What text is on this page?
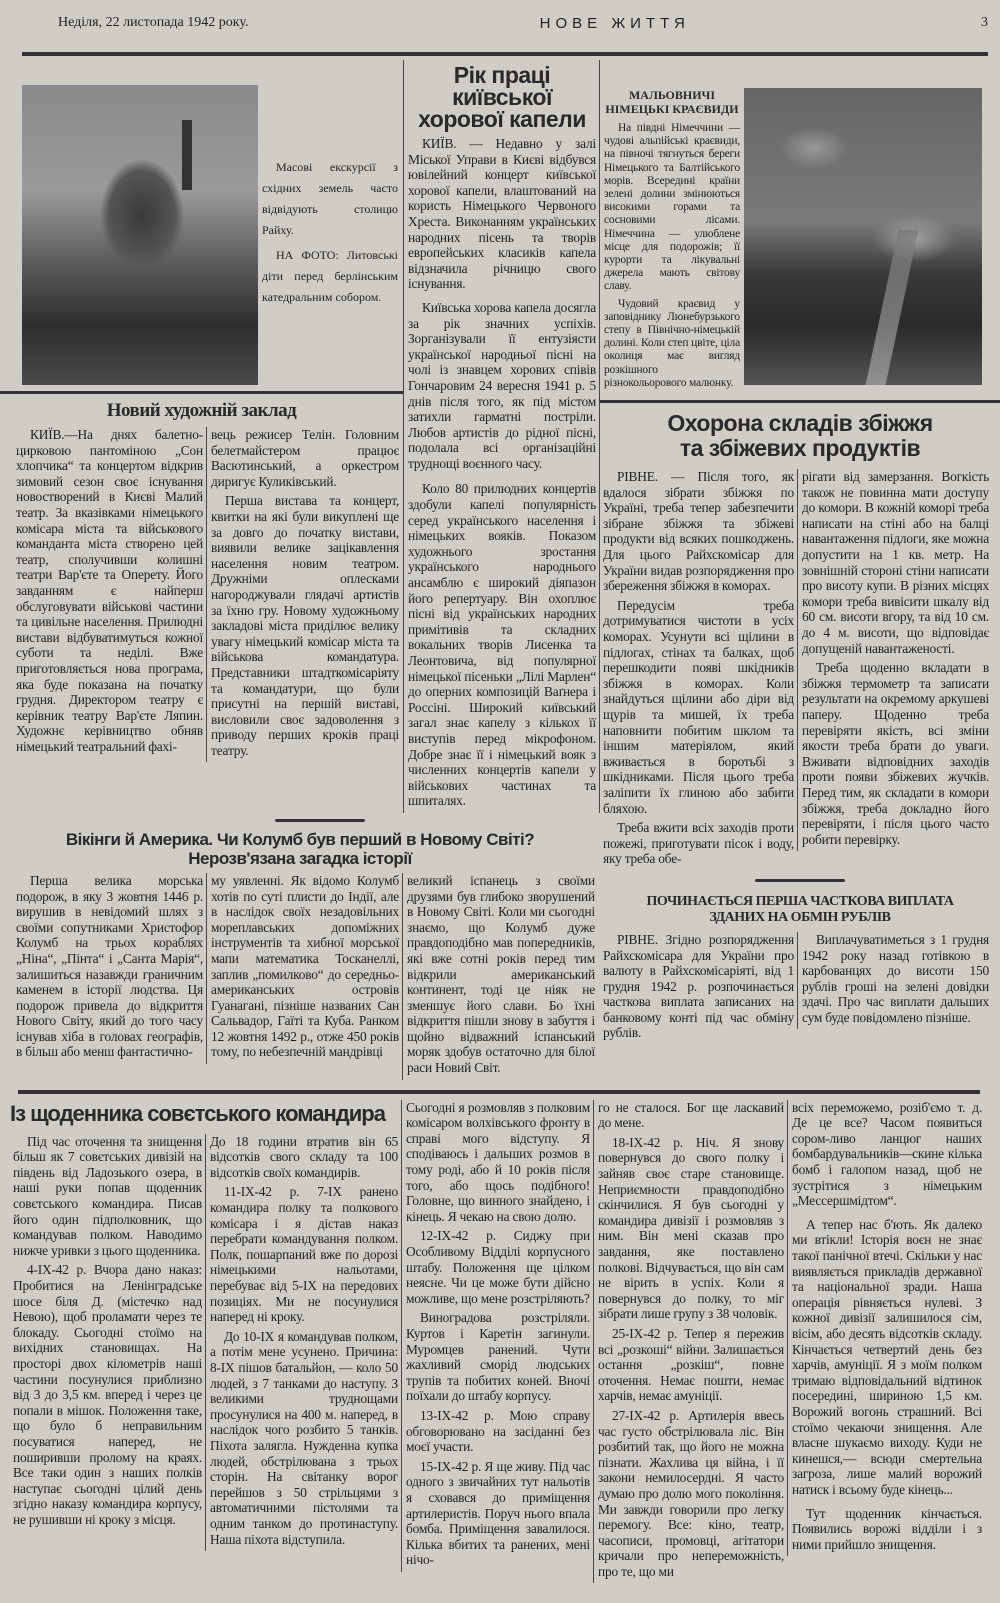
Неділя, 22 листопада 1942 року.	НОВЕ ЖИТТЯ	3

Масові екскурсії з східних земель часто відвідують столицю Райху.

НА ФОТО: Литовські діти перед берлінським катедральним собором.

Новий художній заклад

КИЇВ.—На днях балетно-цирковою пантоміною „Сон хлопчика“ та концертом відкрив зимовий сезон своє існування новостворений в Києві Малий театр. За вказівками німецького комісара міста та військового команданта міста створено цей театр, сполучивши колишні театри Вар'єте та Оперету. Його завданням є найперш обслуговувати військові частини та цивільне населення. Прилюдні вистави відбуватимуться кожної суботи та неділі. Вже приготовляється нова програма, яка буде показана на початку грудня. Директором театру є керівник театру Вар'єте Ляпин. Художнє керівництво обняв німецький театральний фахі-

вець режисер Телін. Головним белетмайстером працює Васютинський, а оркестром диригує Куликівський.

Перша вистава та концерт, квитки на які були викуплені ще за довго до початку вистави, виявили велике зацікавлення населення новим театром. Дружніми оплесками нагороджували глядачі артистів за їхню гру. Новому художньому закладові міста приділює велику увагу німецький комісар міста та військова командатура. Представники штадткомісаріяту та командатури, що були присутні на першій виставі, висловили своє задоволення з приводу перших кроків праці театру.

Рік праці київської хорової капели

КИЇВ. — Недавно у залі Міської Управи в Києві відбувся ювілейний концерт київської хорової капели, влаштований на користь Німецького Червоного Хреста. Виконанням українських народних пісень та творів европейських класиків капела відзначила річницю свого існування.

Київська хорова капела досягла за рік значних успіхів. Зорганізували її ентузіясти української народньої пісні на чолі із знавцем хорових співів Гончаровим 24 вересня 1941 р. 5 днів після того, як під містом затихли гарматні постріли. Любов артистів до рідної пісні, подолала всі організаційні труднощі воєнного часу.

Коло 80 прилюдних концертів здобули капелі популярність серед українського населення і німецьких вояків. Показом художнього зростання українського народнього ансамблю є широкий діяпазон його репертуару. Він охоплює пісні від українських народних примітивів та складних вокальних творів Лисенка та Леонтовича, від популярної німецької пісеньки „Лілі Марлен“ до оперних композицій Ваґнера і Россіні. Широкий київський загал знає капелу з кількох її виступів перед мікрофоном. Добре знає її і німецький вояк з численних концертів капели у військових частинах та шпиталях.

Вікінги й Америка. Чи Колумб був перший в Новому Світі?
Нерозв'язана загадка історії

Перша велика морська подорож, в яку 3 жовтня 1446 р. вирушив в невідомий шлях з своїми сопутниками Христофор Колумб на трьох кораблях „Ніна“, „Пінта“ і „Санта Марія“, залишиться назавжди граничним каменем в історії людства. Ця подорож привела до відкриття Нового Світу, який до того часу існував хіба в головах географів, в більш або менш фантастично-

му уявленні. Як відомо Колумб хотів по суті плисти до Індії, але в наслідок своїх незадовільних мореплавських допоміжних інструментів та хибної морської мапи математика Тосканеллі, заплив „помилково“ до середньо-американських островів Гуанагані, пізніше названих Сан Сальвадор, Гаїті та Куба. Ранком 12 жовтня 1492 р., отже 450 років тому, по небезпечній мандрівці

великий іспанець з своїми друзями був глибоко зворушений в Новому Світі. Коли ми сьогодні знаємо, що Колумб дуже правдоподібно мав попередників, які вже сотні років перед тим відкрили американський континент, тоді це ніяк не зменшує його слави. Бо їхні відкриття пішли знову в забуття і щойно відважний іспанський моряк здобув остаточно для білої раси Новий Світ.

МАЛЬОВНИЧІ НІМЕЦЬКІ КРАЄВИДИ

На півдні Німеччини — чудові альпійські краєвиди, на півночі тягнуться береги Німецького та Балтійського морів. Всередині країни зелені долини змінюються високими горами та сосновими лісами. Німеччина — улюблене місце для подорожів; її курорти та лікувальні джерела мають світову славу.

Чудовий краєвид у заповіднику Люнебурзького степу в Північно-німецькій долині. Коли степ цвіте, ціла околиця має вигляд розкішного різнокольорового малюнку.

Охорона складів збіжжя
та збіжевих продуктів

РІВНЕ. — Після того, як вдалося зібрати збіжжя по Україні, треба тепер забезпечити зібране збіжжя та збіжеві продукти від всяких пошкоджень. Для цього Райхскомісар для України видав розпорядження про збереження збіжжя в коморах.

Передусім треба дотримуватися чистоти в усіх коморах. Усунути всі щілини в підлогах, стінах та балках, щоб перешкодити появі шкідників збіжжя в коморах. Коли знайдуться щілини або діри від щурів та мишей, їх треба наповнити побитим шклом та іншим матеріялом, який вживається в боротьбі з шкідниками. Після цього треба заліпити їх глиною або забити бляхою.

Треба вжити всіх заходів проти пожежі, приготувати пісок і воду, яку треба обе-

рігати від замерзання. Вогкість також не повинна мати доступу до комори. В кожній коморі треба написати на стіні або на балці навантаження підлоги, яке можна допустити на 1 кв. метр. На зовнішній стороні стіни написати про висоту купи. В різних місцях комори треба вивісити шкалу від 60 см. висоти вгору, та від 10 см. до 4 м. висоти, що відповідає допущеній навантаженості.

Треба щоденно вкладати в збіжжя термометр та записати результати на окремому аркушеві паперу. Щоденно треба перевіряти якість, всі зміни якости треба брати до уваги. Вживати відповідних заходів проти появи збіжевих жучків. Перед тим, як складати в комори збіжжя, треба докладно його перевіряти, і після цього часто робити перевірку.

ПОЧИНАЄТЬСЯ ПЕРША ЧАСТКОВА ВИПЛАТА
ЗДАНИХ НА ОБМІН РУБЛІВ

РІВНЕ. Згідно розпорядження Райхскомісара для України про валюту в Райхскомісаріяті, від 1 грудня 1942 р. розпочинається часткова виплата записаних на банковому конті під час обміну рублів.

Виплачуватиметься з 1 грудня 1942 року назад готівкою в карбованцях до висоти 150 рублів гроші на зелені довідки здачі. Про час виплати дальших сум буде повідомлено пізніше.

Із щоденника совєтського командира

Під час оточення та знищення більш як 7 совєтських дивізій на південь від Ладозького озера, в наші руки попав щоденник совєтського командира. Писав його один підполковник, що командував полком. Наводимо нижче уривки з цього щоденника.

4-IX-42 р. Вчора дано наказ: Пробитися на Ленінградське шосе біля Д. (містечко над Невою), щоб проламати через те блокаду. Сьогодні стоїмо на вихідних становищах. На просторі двох кілометрів наші частини посунулися приблизно від 3 до 3,5 км. вперед і через це попали в мішок. Положення таке, що було б неправильним посуватися наперед, не поширивши пролому на краях. Все таки один з наших полків наступає сьогодні цілий день згідно наказу командира корпусу, не рушивши ні кроку з місця.

До 18 години втратив він 65 відсотків свого складу та 100 відсотків своїх командирів.

11-IX-42 р. 7-IX ранено командира полку та полкового комісара і я дістав наказ перебрати командування полком. Полк, пошарпаний вже по дорозі німецькими нальотами, перебуває від 5-IX на передових позиціях. Ми не посунулися наперед ні кроку.

До 10-IX я командував полком, а потім мене усунено. Причина: 8-IX пішов батальйон, — коло 50 людей, з 7 танками до наступу. З великими труднощами просунулися на 400 м. наперед, в наслідок чого розбито 5 танків. Піхота залягла. Нужденна купка людей, обстрілювана з трьох сторін. На світанку ворог перейшов з 50 стрільцями з автоматичними пістолями та одним танком до протинаступу. Наша піхота відступила.

Сьогодні я розмовляв з полковим комісаром волхівського фронту в справі мого відступу. Я сподіваюсь і дальших розмов в тому роді, або й 10 років після того, або щось подібного! Головне, що винного знайдено, і кінець. Я чекаю на свою долю.

12-IX-42 р. Сиджу при Особливому Відділі корпусного штабу. Положення ще цілком неясне. Чи це може бути дійсно можливе, що мене розстріляють?

Виноградова розстріляли. Куртов і Каретін загинули. Муромцев ранений. Чути жахливий сморід людських трупів та побитих коней. Вночі поїхали до штабу корпусу.

13-IX-42 р. Мою справу обговорювано на засіданні без моєї участи.

15-IX-42 р. Я ще живу. Під час одного з звичайних тут нальотів я сховався до приміщення артилеристів. Поруч нього впала бомба. Приміщення завалилося. Кілька вбитих та ранених, мені нічо-

го не сталося. Бог ще ласкавий до мене.

18-IX-42 р. Ніч. Я знову повернувся до свого полку і зайняв своє старе становище. Неприємности правдоподібно скінчилися. Я був сьогодні у командира дивізії і розмовляв з ним. Він мені сказав про завдання, яке поставлено полкові. Відчувається, що він сам не вірить в успіх. Коли я повернувся до полку, то міг зібрати лише групу з 38 чоловік.

25-IX-42 р. Тепер я пережив всі „розкоші“ війни. Залишається остання „розкіш“, повне оточення. Немає пошти, немає харчів, немає амуніції.

27-IX-42 р. Артилерія ввесь час густо обстрілювала ліс. Він розбитий так, що його не можна пізнати. Жахлива ця війна, і її закони немилосердні. Я часто думаю про долю мого покоління. Ми завжди говорили про легку перемогу. Все: кіно, театр, часописи, промовці, агітатори кричали про непереможність, про те, що ми

всіх переможемо, розіб'ємо т. д. Де це все? Часом появиться сором-ливо ланцюг наших бомбардувальників—скине кілька бомб і галопом назад, щоб не зустрітися з німецьким „Мессершмідтом“.

А тепер нас б'ють. Як далеко ми втікли! Історія воєн не знає такої панічної втечі. Скільки у нас виявляється прикладів державної та національної зради. Наша операція рівняється нулеві. З кожної дивізії залишилося сім, вісім, або десять відсотків складу. Кінчається четвертий день без харчів, амуніції. Я з моїм полком тримаю відповідальний відтинок посередині, шириною 1,5 км. Ворожий вогонь страшний. Всі стоїмо чекаючи знищення. Але власне шукаємо виходу. Куди не кинешся,— всюди смертельна загроза, лише малий ворожий натиск і всьому буде кінець...

Тут щоденник кінчається. Появились ворожі відділи і з ними прийшло знищення.
